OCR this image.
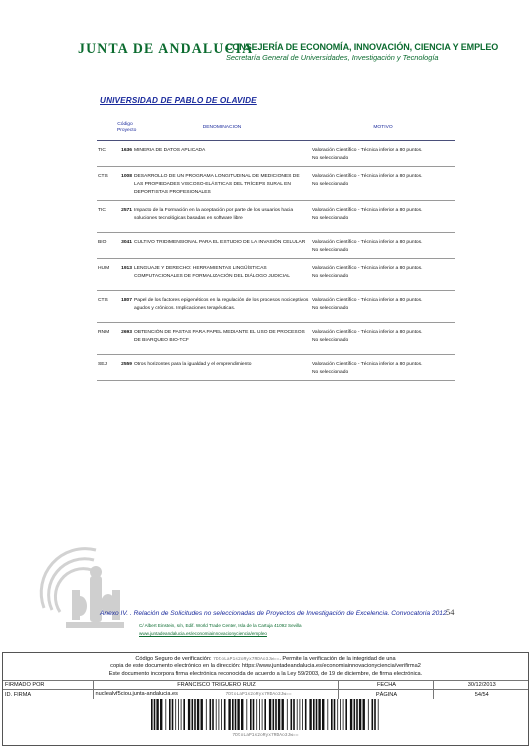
JUNTA DE ANDALUCIA
CONSEJERÍA DE ECONOMÍA, INNOVACIÓN, CIENCIA Y EMPLEO
Secretaría General de Universidades, Investigación y Tecnología
UNIVERSIDAD DE PABLO DE OLAVIDE
	Código
Proyecto	DENOMINACION	MOTIVO
TIC	1636	MINERIA DE DATOS APLICADA	Valoración Científico - Técnica inferior a 80 puntos.
No seleccionado

CTS	1008	DESARROLLO DE UN PROGRAMA LONGITUDINAL DE MEDICIONES DE LAS PROPIEDADES VISCOSO-ELÁSTICAS DEL TRÍCEPS SURAL EN DEPORTISTAS PROFESIONALES	Valoración Científico - Técnica inferior a 80 puntos.
No seleccionado

TIC	2571	Impacto de la Formación en la aceptación por parte de los usuarios hacia soluciones tecnológicas basadas en software libre	Valoración Científico - Técnica inferior a 80 puntos.
No seleccionado

BIO	3041	CULTIVO TRIDIMENSIONAL PARA EL ESTUDIO DE LA INVASIÓN CELULAR	Valoración Científico - Técnica inferior a 80 puntos.
No seleccionado

HUM	1913	LENGUAJE Y DERECHO: HERRAMIENTAS LINGÜÍSTICAS COMPUTACIONALES DE FORMALIZACIÓN DEL DIÁLOGO JUDICIAL	Valoración Científico - Técnica inferior a 80 puntos.
No seleccionado

CTS	1807	Papel de los factores epigenéticos en la regulación de los procesos nociceptivos agudos y crónicos. Implicaciones terapéuticas.	Valoración Científico - Técnica inferior a 80 puntos.
No seleccionado

RNM	2693	OBTENCIÓN DE PASTAS PARA PAPEL MEDIANTE EL USO DE PROCESOS DE BIARQUEO BIO-TCF	Valoración Científico - Técnica inferior a 80 puntos.
No seleccionado

SEJ	2559	Otros horizontes para la igualdad y el emprendimiento	Valoración Científico - Técnica inferior a 80 puntos.
No seleccionado
Anexo IV. . Relación de Solicitudes no seleccionadas de Proyectos de Investigación de Excelencia. Convocatoria 2012.
54
C/ Albert Einstein, s/n, Edif. World Trade Center, Isla de la Cartuja 41092 Sevilla
www.juntadeandalucia.es/economiainnovacionyciencia/empleo
Código Seguro de verificación: 7DtoLaP1s2oRyx7RDAo3Jw==. Permite la verificación de la integridad de una
copia de este documento electrónico en la dirección: https://www.juntadeandalucia.es/economiainnovacionyciencia/verifirma2
Este documento incorpora firma electrónica reconocida de acuerdo a la Ley 59/2003, de 19 de diciembre, de firma electrónica.
FIRMADO POR	FRANCISCO TRIGUERO RUIZ	FECHA	30/12/2013
ID. FIRMA	nuclealvf5ciou.junta-andalucia.es 7DtoLaP1s2oRyx7RDAo3Jw==	PÁGINA	54/54
7DtoLaP1s2oRyx7RDAo3Jw==
